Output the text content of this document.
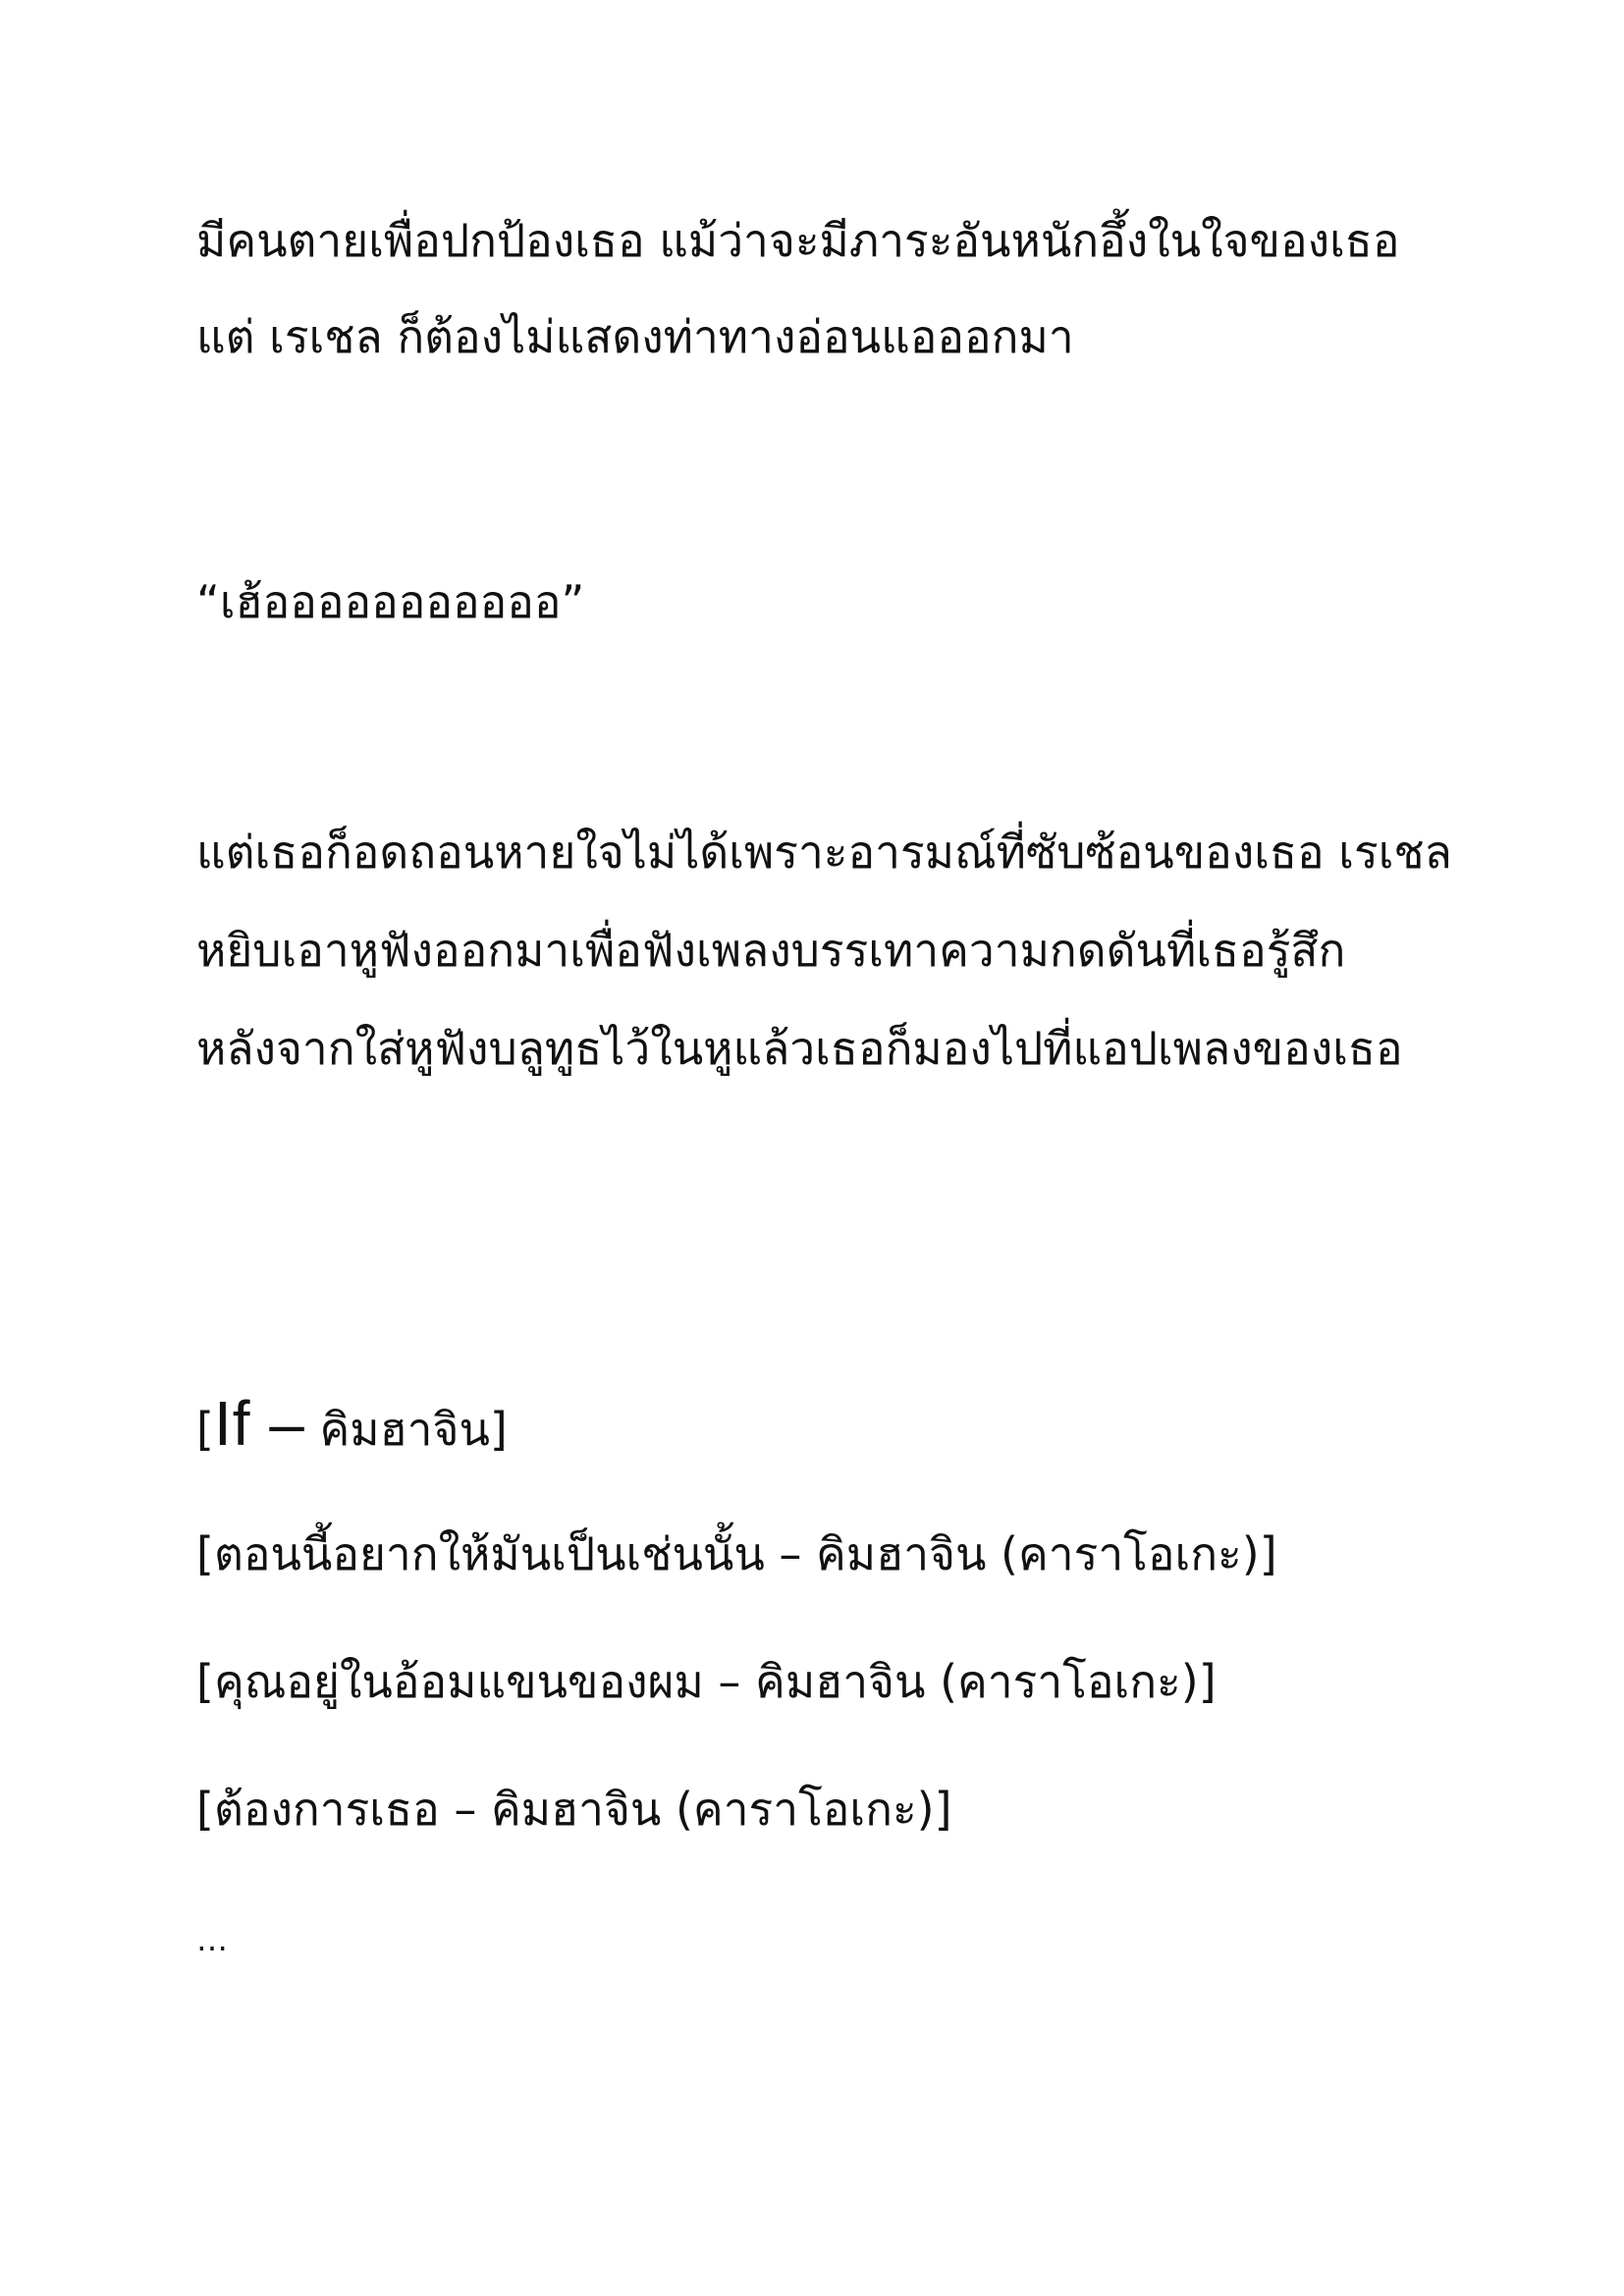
มีคนตายเพื่อปกป้องเธอ แม้ว่าจะมีภาระอันหนักอึ้งในใจของเธอ

แต่ เรเชล ก็ต้องไม่แสดงท่าทางอ่อนแอออกมา

“เฮ้อออออออออออ”

แต่เธอก็อดถอนหายใจไม่ได้เพราะอารมณ์ที่ซับซ้อนของเธอ เรเชล

หยิบเอาหูฟังออกมาเพื่อฟังเพลงบรรเทาความกดดันที่เธอรู้สึก

หลังจากใส่หูฟังบลูทูธไว้ในหูแล้วเธอก็มองไปที่แอปเพลงของเธอ

[If – คิมฮาจิน]

[ตอนนี้อยากให้มันเป็นเช่นนั้น – คิมฮาจิน (คาราโอเกะ)]

[คุณอยู่ในอ้อมแขนของผม – คิมฮาจิน (คาราโอเกะ)]

[ต้องการเธอ – คิมฮาจิน (คาราโอเกะ)]

…
